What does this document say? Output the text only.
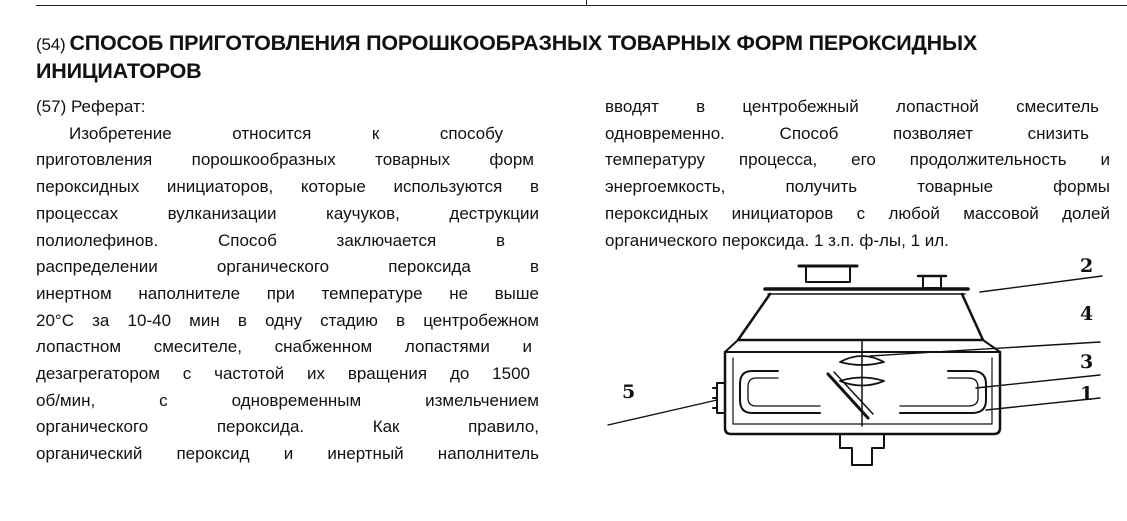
(54) СПОСОБ ПРИГОТОВЛЕНИЯ ПОРОШКООБРАЗНЫХ ТОВАРНЫХ ФОРМ ПЕРОКСИДНЫХ
ИНИЦИАТОРОВ
(57) Реферат:
Изобретение относится к способу
приготовления порошкообразных товарных форм
пероксидных инициаторов, которые используются в
процессах вулканизации каучуков, деструкции
полиолефинов. Способ заключается в
распределении органического пероксида в
инертном наполнителе при температуре не выше
20°С за 10-40 мин в одну стадию в центробежном
лопастном смесителе, снабженном лопастями и
дезагрегатором с частотой их вращения до 1500
об/мин, с одновременным измельчением
органического пероксида. Как правило,
органический пероксид и инертный наполнитель
вводят в центробежный лопастной смеситель
одновременно. Способ позволяет снизить
температуру процесса, его продолжительность и
энергоемкость, получить товарные формы
пероксидных инициаторов с любой массовой долей
органического пероксида. 1 з.п. ф-лы, 1 ил.
2
4
3
1
5
